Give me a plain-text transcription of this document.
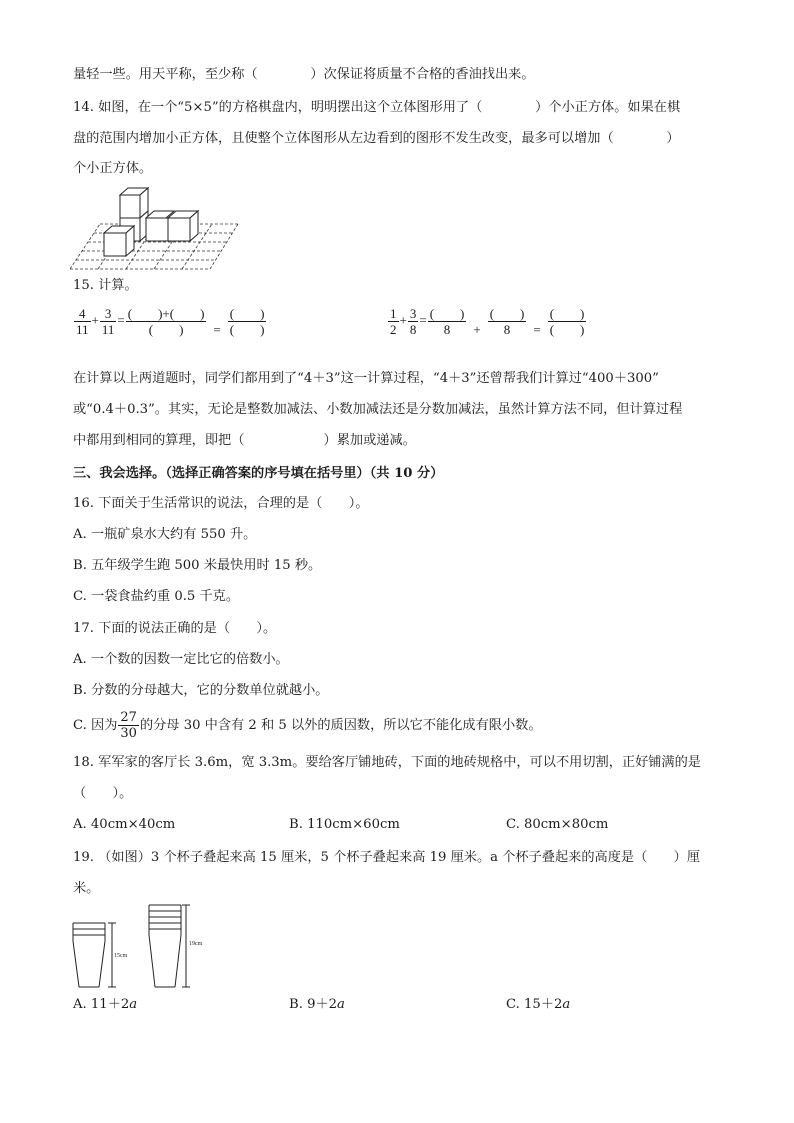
量轻一些。用天平称，至少称（　　　　）次保证将质量不合格的香油找出来。
14. 如图，在一个“5×5”的方格棋盘内，明明摆出这个立体图形用了（　　　　）个小正方体。如果在棋
盘的范围内增加小正方体，且使整个立体图形从左边看到的图形不发生改变，最多可以增加（　　　　）
个小正方体。
15. 计算。
$\frac{4}{11} + \frac{3}{11} = \frac{( )+( )}{( )} = \frac{( )}{( )}$	$\frac{1}{2} + \frac{3}{8} = \frac{( )}{8} + \frac{( )}{8} = \frac{( )}{( )}$
在计算以上两道题时，同学们都用到了“4＋3”这一计算过程，“4＋3”还曾帮我们计算过“400＋300”
或“0.4＋0.3”。其实，无论是整数加减法、小数加减法还是分数加减法，虽然计算方法不同，但计算过程
中都用到相同的算理，即把（　　　　　　）累加或递减。
三、我会选择。（选择正确答案的序号填在括号里）（共 10 分）
16. 下面关于生活常识的说法，合理的是（　　）。
A. 一瓶矿泉水大约有 550 升。
B. 五年级学生跑 500 米最快用时 15 秒。
C. 一袋食盐约重 0.5 千克。
17. 下面的说法正确的是（　　）。
A. 一个数的因数一定比它的倍数小。
B. 分数的分母越大，它的分数单位就越小。
C. 因为 $\frac{27}{30}$ 的分母 30 中含有 2 和 5 以外的质因数，所以它不能化成有限小数。
18. 军军家的客厅长 3.6m，宽 3.3m。要给客厅铺地砖，下面的地砖规格中，可以不用切割，正好铺满的是
（　　）。
A. 40cm×40cm	B. 110cm×60cm	C. 80cm×80cm
19. （如图）3 个杯子叠起来高 15 厘米，5 个杯子叠起来高 19 厘米。a 个杯子叠起来的高度是（　　）厘
米。
15cm
19cm
A. 11＋2a	B. 9＋2a	C. 15＋2a
